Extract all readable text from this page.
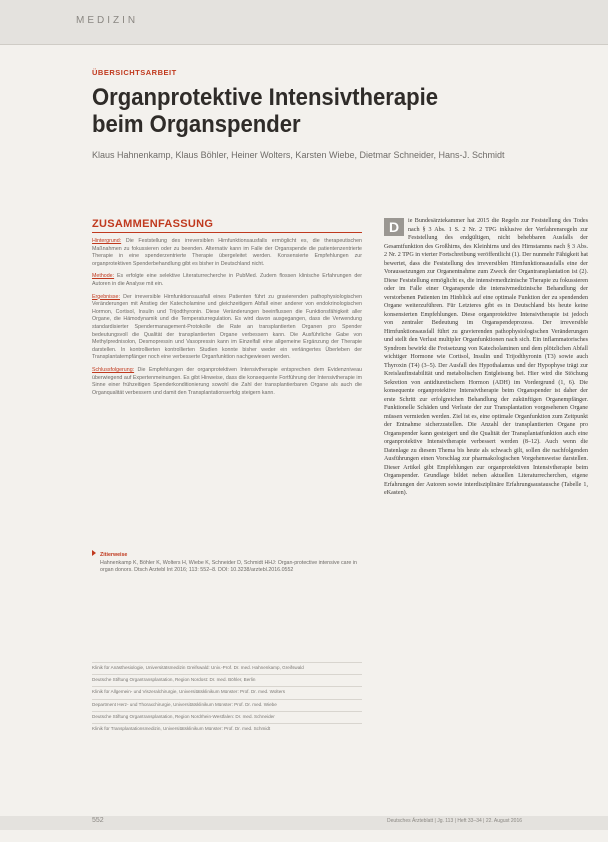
MEDIZIN
ÜBERSICHTSARBEIT
Organprotektive Intensivtherapie
beim Organspender
Klaus Hahnenkamp, Klaus Böhler, Heiner Wolters, Karsten Wiebe, Dietmar Schneider, Hans-J. Schmidt
ZUSAMMENFASSUNG

Hintergrund: Die Feststellung des irreversiblen Hirnfunktionsausfalls ermöglicht es, die therapeutischen Maßnahmen zu fokussieren oder zu beenden. Alternativ kann im Falle der Organspende die patientenzentrierte Therapie in eine spenderzentrierte Therapie übergeleitet werden. Konsensierte Empfehlungen zur organprotektiven Spenderbehandlung gibt es bisher in Deutschland nicht.

Methode: Es erfolgte eine selektive Literaturrecherche in PubMed. Zudem flossen klinische Erfahrungen der Autoren in die Analyse mit ein.

Ergebnisse: Der irreversible Hirnfunktionsausfall eines Patienten führt zu gravierenden pathophysiologischen Veränderungen mit Anstieg der Katecholamine und gleichzeitigem Abfall einer anderer von endokrinologischen Hormon, Cortisol, Insulin und Trijodthyronin. Diese Veränderungen beeinflussen die Funktionsfähigkeit aller Organe, die Hämodynamik und die Temperaturregulation. Es wird davon ausgegangen, dass die Verwendung standardisierter Spendermanagement-Protokolle die Rate an transplantierten Organen pro Spender bedeutungsvoll die Qualität der transplantierten Organe verbessern kann. Die Ausführliche Gabe von Methylprednisolon, Desmopressin und Vasopressin kann im Einzelfall eine allgemeine Ergänzung der Therapie darstellen. In kontrollierten kontrollierten Studien konnte bisher weder ein verlängertes Überleben der Transplantatempfänger noch eine verbesserte Organfunktion nachgewiesen werden.

Schlussfolgerung: Die Empfehlungen der organprotektiven Intensivtherapie entsprechen dem Evidenzniveau überwiegend auf Expertenmeinungen. Es gibt Hinweise, dass die konsequente Fortführung der Intensivtherapie im Sinne einer frühzeitigen Spenderkonditionierung sowohl die Zahl der transplantierbaren Organe als auch die Organqualität verbessern und damit den Transplantationserfolg steigern kann.

Zitierweise
Hahnenkamp K, Böhler K, Wolters H, Wiebe K, Schneider D, Schmidt HHJ: Organ-protective intensive care in organ donors. Dtsch Arztebl Int 2016; 113: 552–8. DOI: 10.3238/arztebl.2016.0552
D	ie Bundesärztekammer hat 2015 die Regeln zur Feststellung des Todes nach § 3 Abs. 1 S. 2 Nr. 2 TPG inklusive der Verfahrensregeln zur Feststellung des endgültigen, nicht behebbaren Ausfalls der Gesamtfunktion des Großhirns, des Kleinhirns und des Hirnstamms nach § 3 Abs. 2 Nr. 2 TPG in vierter Fortschreibung veröffentlicht (1). Der nunmehr Fähigkeit hat bewertet, dass die Feststellung des irreversiblen Hirnfunktionsausfalls eine der Voraussetzungen zur Organentnahme zum Zweck der Organtransplantation ist (2). Diese Feststellung ermöglicht es, die intensivmedizinische Therapie zu fokussieren oder im Falle einer Organspende die intensivmedizinische Behandlung der verstorbenen Patienten im Hinblick auf eine optimale Funktion der zu spendenden Organe weiterzuführen. Für Letzteres gibt es in Deutschland bis heute keine konsensierten Empfehlungen. Diese organprotektive Intensivtherapie ist jedoch von zentraler Bedeutung im Organspendeprozess. Der irreversible Hirnfunktionsausfall führt zu gravierenden pathophysiologischen Veränderungen und stellt den Verlust multipler Organfunktionen nach sich. Ein inflammatorisches Syndrom bewirkt die Freisetzung von Katecholaminen und dem plötzlichen Abfall wichtiger Hormone wie Cortisol, Insulin und Trijodthyronin (T3) sowie auch Thyroxin (T4) (3–5). Der Ausfall des Hypothalamus und der Hypophyse trägt zur Kreislaufinstabilität und metabolischen Entgleisung bei. Hier wird die Stöchung Sekretion von antidiuretischem Hormon (ADH) im Vordergrund (1, 6). Die konsequente organprotektive Intensivtherapie beim Organspender ist daher der erste Schritt zur erfolgreichen Behandlung der zukünftigen Organempfänger. Funktionelle Schäden und Verluste der zur Transplantation vorgesehenen Organe müssen vermieden werden. Ziel ist es, eine optimale Organfunktion zum Zeitpunkt der Entnahme sicherzustellen. Die Anzahl der transplantierten Organe pro Organspender kann gesteigert und die Qualität der Transplantatfunktion auch eine organprotektive Intensivtherapie verbessert werden (8–12). Auch wenn die Datenlage zu diesem Thema bis heute als schwach gilt, sollen die nachfolgenden Ausführungen einen Vorschlag zur pharmakologischen Vorgehensweise darstellen. Dieser Artikel gibt Empfehlungen zur organprotektiven Intensivtherapie beim Organspender. Grundlage bildet neben aktuellen Literaturrecherchen, eigene Erfahrungen der Autoren sowie interdisziplinäre Erfahrungsaustausche (Tabelle 1, eKasten).
Klinik für Anästhesiologie, Universitätsmedizin Greifswald: Univ.-Prof. Dr. med. Hahnenkamp, Greifswald
Deutsche Stiftung Organtransplantation, Region Nordost: Dr. med. Böhler, Berlin
Klinik für Allgemein- und Viszeralchirurgie, Universitätsklinikum Münster: Prof. Dr. med. Wolters
Department Herz- und Thoraxchirurgie, Universitätsklinikum Münster: Prof. Dr. med. Wiebe
Deutsche Stiftung Organtransplantation, Region Nordrhein-Westfalen: Dr. med. Schneider
Klinik für Transplantationsmedizin, Universitätsklinikum Münster: Prof. Dr. med. Schmidt
552	Deutsches Ärzteblatt | Jg. 113 | Heft 33–34 | 22. August 2016
